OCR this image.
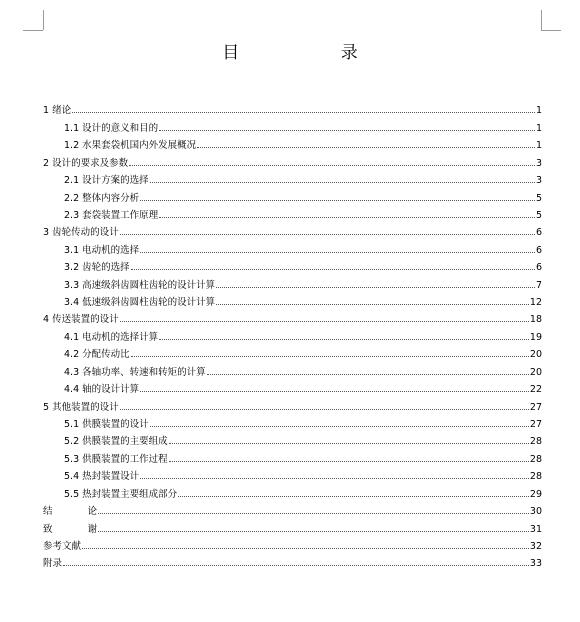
目 录
1 绪论	1
1.1 设计的意义和目的	1
1.2 水果套袋机国内外发展概况	1
2 设计的要求及参数	3
2.1 设计方案的选择	3
2.2 整体内容分析	5
2.3 套袋装置工作原理	5
3 齿轮传动的设计	6
3.1 电动机的选择	6
3.2 齿轮的选择	6
3.3 高速级斜齿圆柱齿轮的设计计算	7
3.4 低速级斜齿圆柱齿轮的设计计算	12
4 传送装置的设计	18
4.1 电动机的选择计算	19
4.2 分配传动比	20
4.3 各轴功率、转速和转矩的计算	20
4.4 轴的设计计算	22
5 其他装置的设计	27
5.1 供膜装置的设计	27
5.2 供膜装置的主要组成	28
5.3 供膜装置的工作过程	28
5.4 热封装置设计	28
5.5 热封装置主要组成部分	29
结 论	30
致 谢	31
参考文献	32
附录	33
